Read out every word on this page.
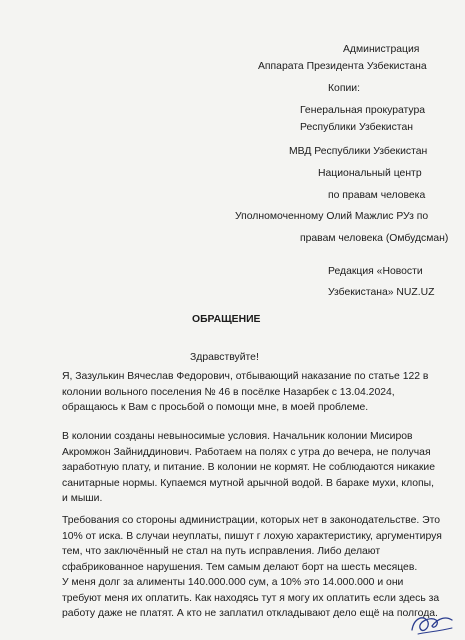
Администрация
Аппарата Президента Узбекистана
Копии:
Генеральная прокуратура
Республики Узбекистан
МВД Республики Узбекистан
Национальный центр
по правам человека
Уполномоченному Олий Мажлис РУз по
правам человека (Омбудсман)
Редакция «Новости
Узбекистана» NUZ.UZ
ОБРАЩЕНИЕ
Здравствуйте!
Я, Зазулькин Вячеслав Федорович, отбывающий наказание по статье 122 в
колонии вольного поселения № 46 в посёлке Назарбек с 13.04.2024,
обращаюсь к Вам с просьбой о помощи мне, в моей проблеме.
В колонии созданы невыносимые условия. Начальник колонии Мисиров
Акромжон Зайниддинович. Работаем на полях с утра до вечера, не получая
заработную плату, и питание. В колонии не кормят. Не соблюдаются никакие
санитарные нормы. Купаемся мутной арычной водой. В бараке мухи, клопы,
и мыши.
Требования со стороны администрации, которых нет в законодательстве. Это
10% от иска. В случаи неуплаты, пишут г лохую характеристику, аргументируя
тем, что заключённый не стал на путь исправления. Либо делают
сфабрикованное нарушения. Тем самым делают борт на шесть месяцев.
У меня долг за алименты 140.000.000 сум, а 10% это 14.000.000 и они
требуют меня их оплатить. Как находясь тут я могу их оплатить если здесь за
работу даже не платят. А кто не заплатил откладывают дело ещё на полгода.
